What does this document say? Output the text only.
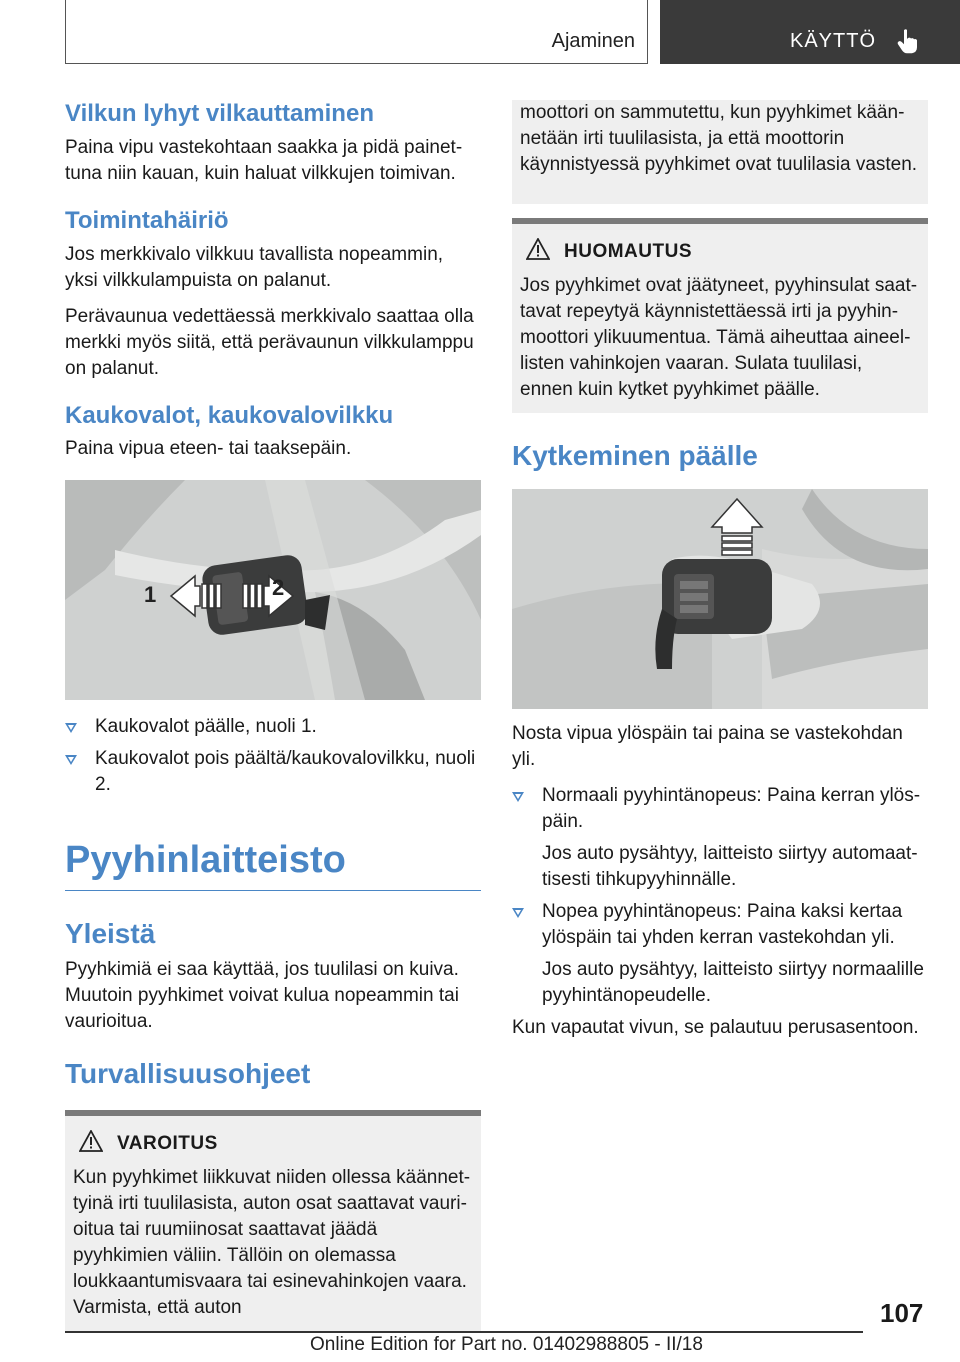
Ajaminen	KÄYTTÖ
Vilkun lyhyt vilkauttaminen

Paina vipu vastekohtaan saakka ja pidä painettuna niin kauan, kuin haluat vilkkujen toimivan.

Toimintahäiriö

Jos merkkivalo vilkkuu tavallista nopeammin, yksi vilkkulampuista on palanut.

Perävaunua vedettäessä merkkivalo saattaa olla merkki myös siitä, että perävaunun vilkkulamppu on palanut.

Kaukovalot, kaukovalovilkku

Paina vipua eteen- tai taaksepäin.

1	2
Kaukovalot päälle, nuoli 1.
Kaukovalot pois päältä/kaukovalovilkku, nuoli 2.
Pyyhinlaitteisto
Yleistä

Pyyhkimiä ei saa käyttää, jos tuulilasi on kuiva. Muutoin pyyhkimet voivat kulua nopeammin tai vaurioitua.

Turvallisuusohjeet
VAROITUS

Kun pyyhkimet liikkuvat niiden ollessa käännettyinä irti tuulilasista, auton osat saattavat vaurioitua tai ruumiinosat saattavat jäädä pyyhkimien väliin. Tällöin on olemassa loukkaantumisvaara tai esinevahinkojen vaara. Varmista, että auton

moottori on sammutettu, kun pyyhkimet käännetään irti tuulilasista, ja että moottorin käynnistyessä pyyhkimet ovat tuulilasia vasten.

HUOMAUTUS

Jos pyyhkimet ovat jäätyneet, pyyhinsulat saattavat repeytyä käynnistettäessä irti ja pyyhinmoottori ylikuumentua. Tämä aiheuttaa aineellisten vahinkojen vaaran. Sulata tuulilasi, ennen kuin kytket pyyhkimet päälle.

Kytkeminen päälle

Nosta vipua ylöspäin tai paina se vastekohdan yli.

Normaali pyyhintänopeus: Paina kerran ylöspäin.

Jos auto pysähtyy, laitteisto siirtyy automaattisesti tihkupyyhinnälle.

Nopea pyyhintänopeus: Paina kaksi kertaa ylöspäin tai yhden kerran vastekohdan yli.

Jos auto pysähtyy, laitteisto siirtyy normaalille pyyhintänopeudelle.

Kun vapautat vivun, se palautuu perusasentoon.

107
Online Edition for Part no. 01402988805 - II/18
